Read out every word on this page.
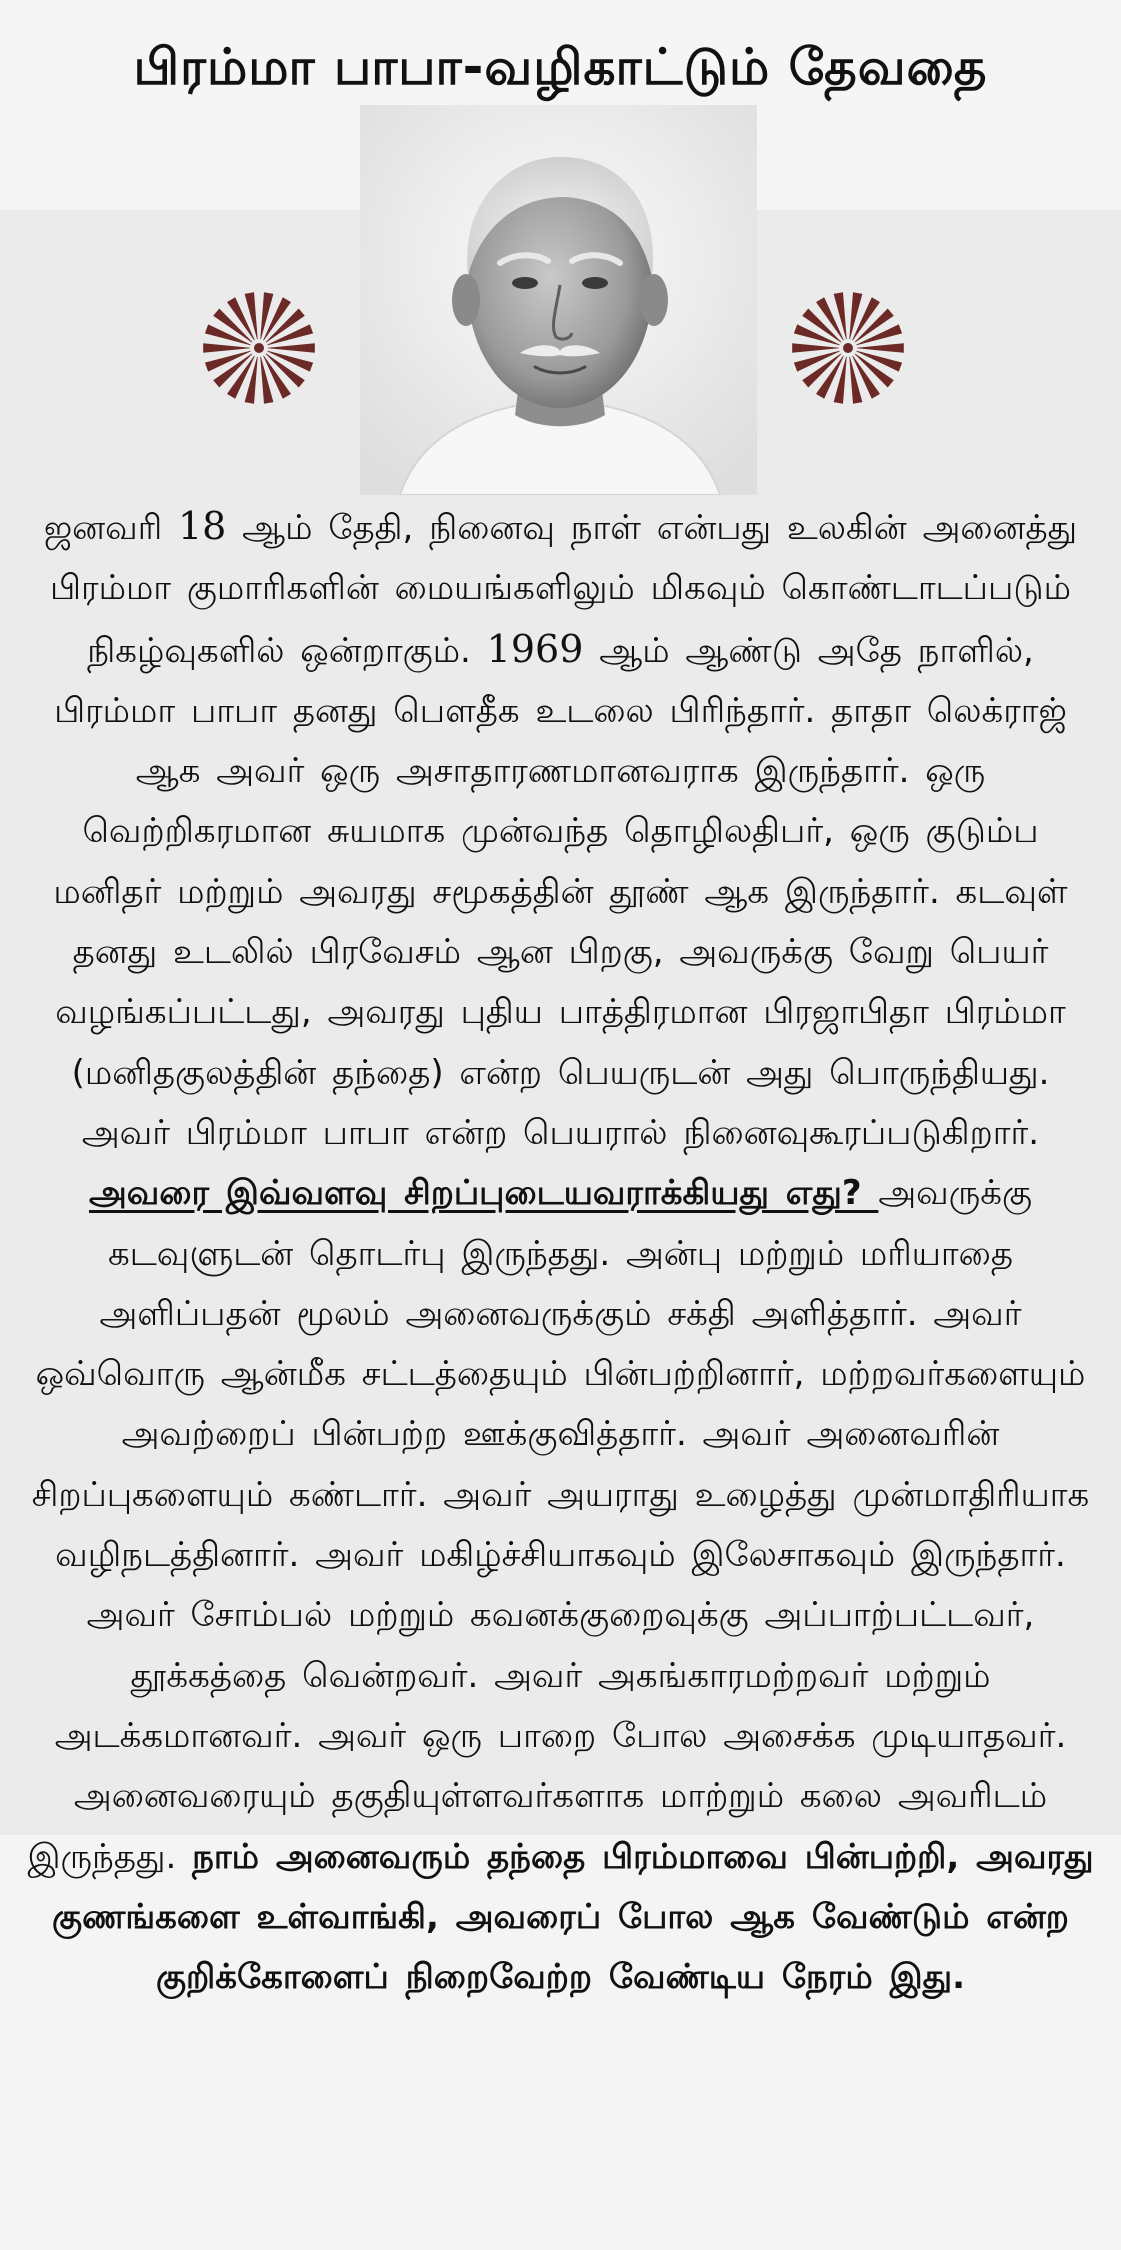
பிரம்மா பாபா-வழிகாட்டும் தேவதை

ஜனவரி 18 ஆம் தேதி, நினைவு நாள் என்பது உலகின் அனைத்து பிரம்மா குமாரிகளின் மையங்களிலும் மிகவும் கொண்டாடப்படும் நிகழ்வுகளில் ஒன்றாகும். 1969 ஆம் ஆண்டு அதே நாளில், பிரம்மா பாபா தனது பௌதீக உடலை பிரிந்தார். தாதா லெக்ராஜ் ஆக அவர் ஒரு அசாதாரணமானவராக இருந்தார். ஒரு வெற்றிகரமான சுயமாக முன்வந்த தொழிலதிபர், ஒரு குடும்ப மனிதர் மற்றும் அவரது சமூகத்தின் தூண் ஆக இருந்தார். கடவுள் தனது உடலில் பிரவேசம் ஆன பிறகு, அவருக்கு வேறு பெயர் வழங்கப்பட்டது, அவரது புதிய பாத்திரமான பிரஜாபிதா பிரம்மா (மனிதகுலத்தின் தந்தை) என்ற பெயருடன் அது பொருந்தியது. அவர் பிரம்மா பாபா என்ற பெயரால் நினைவுகூரப்படுகிறார். அவரை இவ்வளவு சிறப்புடையவராக்கியது எது? அவருக்கு கடவுளுடன் தொடர்பு இருந்தது. அன்பு மற்றும் மரியாதை அளிப்பதன் மூலம் அனைவருக்கும் சக்தி அளித்தார். அவர் ஒவ்வொரு ஆன்மீக சட்டத்தையும் பின்பற்றினார், மற்றவர்களையும் அவற்றைப் பின்பற்ற ஊக்குவித்தார். அவர் அனைவரின் சிறப்புகளையும் கண்டார். அவர் அயராது உழைத்து முன்மாதிரியாக வழிநடத்தினார். அவர் மகிழ்ச்சியாகவும் இலேசாகவும் இருந்தார். அவர் சோம்பல் மற்றும் கவனக்குறைவுக்கு அப்பாற்பட்டவர், தூக்கத்தை வென்றவர். அவர் அகங்காரமற்றவர் மற்றும் அடக்கமானவர். அவர் ஒரு பாறை போல அசைக்க முடியாதவர். அனைவரையும் தகுதியுள்ளவர்களாக மாற்றும் கலை அவரிடம் இருந்தது. நாம் அனைவரும் தந்தை பிரம்மாவை பின்பற்றி, அவரது குணங்களை உள்வாங்கி, அவரைப் போல ஆக வேண்டும் என்ற குறிக்கோளைப் நிறைவேற்ற வேண்டிய நேரம் இது.
